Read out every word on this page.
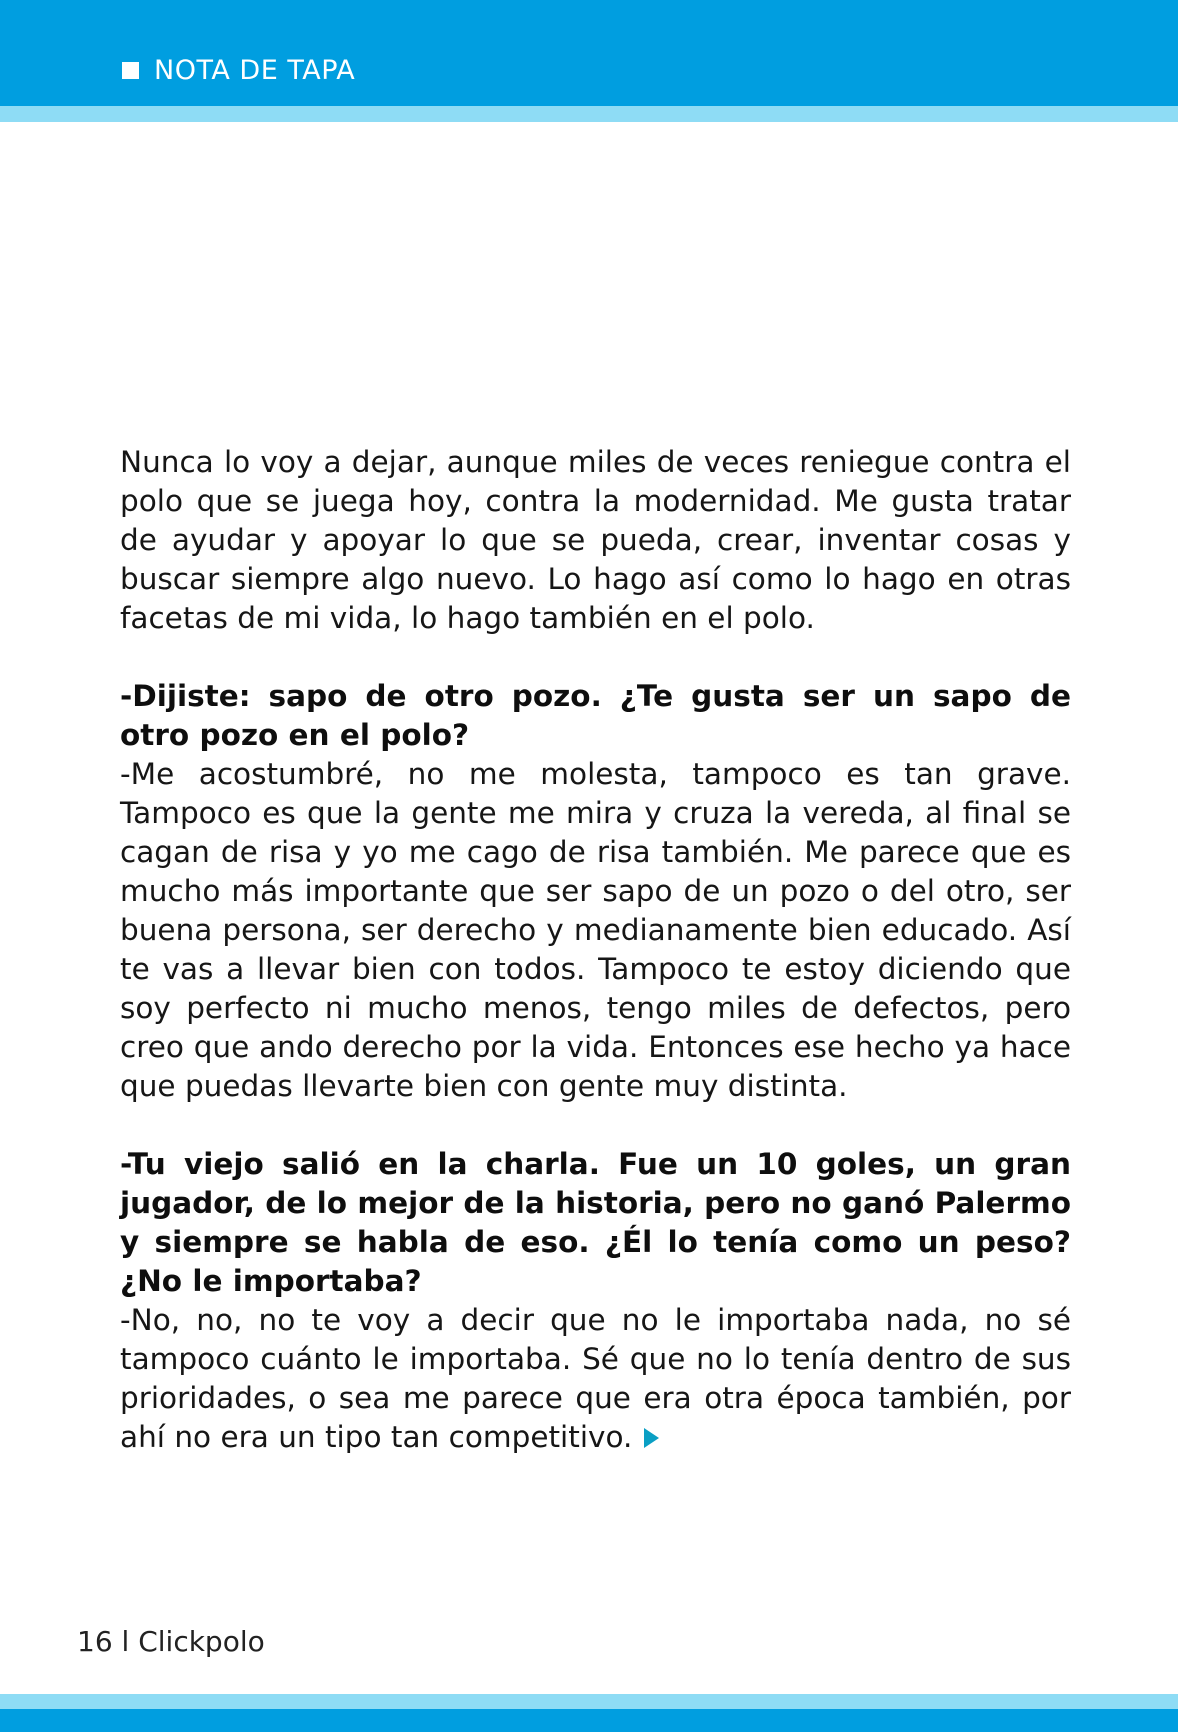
NOTA DE TAPA

Nunca lo voy a dejar, aunque miles de veces reniegue contra el polo que se juega hoy, contra la modernidad. Me gusta tratar de ayudar y apoyar lo que se pueda, crear, inventar cosas y buscar siempre algo nuevo. Lo hago así como lo hago en otras facetas de mi vida, lo hago también en el polo.

-Dijiste: sapo de otro pozo. ¿Te gusta ser un sapo de otro pozo en el polo?

-Me acostumbré, no me molesta, tampoco es tan grave. Tampoco es que la gente me mira y cruza la vereda, al final se cagan de risa y yo me cago de risa también. Me parece que es mucho más importante que ser sapo de un pozo o del otro, ser buena persona, ser derecho y medianamente bien educado. Así te vas a llevar bien con todos. Tampoco te estoy diciendo que soy perfecto ni mucho menos, tengo miles de defectos, pero creo que ando derecho por la vida. Entonces ese hecho ya hace que puedas llevarte bien con gente muy distinta.

-Tu viejo salió en la charla. Fue un 10 goles, un gran jugador, de lo mejor de la historia, pero no ganó Palermo y siempre se habla de eso. ¿Él lo tenía como un peso? ¿No le importaba?

-No, no, no te voy a decir que no le importaba nada, no sé tampoco cuánto le importaba. Sé que no lo tenía dentro de sus prioridades, o sea me parece que era otra época también, por ahí no era un tipo tan competitivo.

16 l Clickpolo
